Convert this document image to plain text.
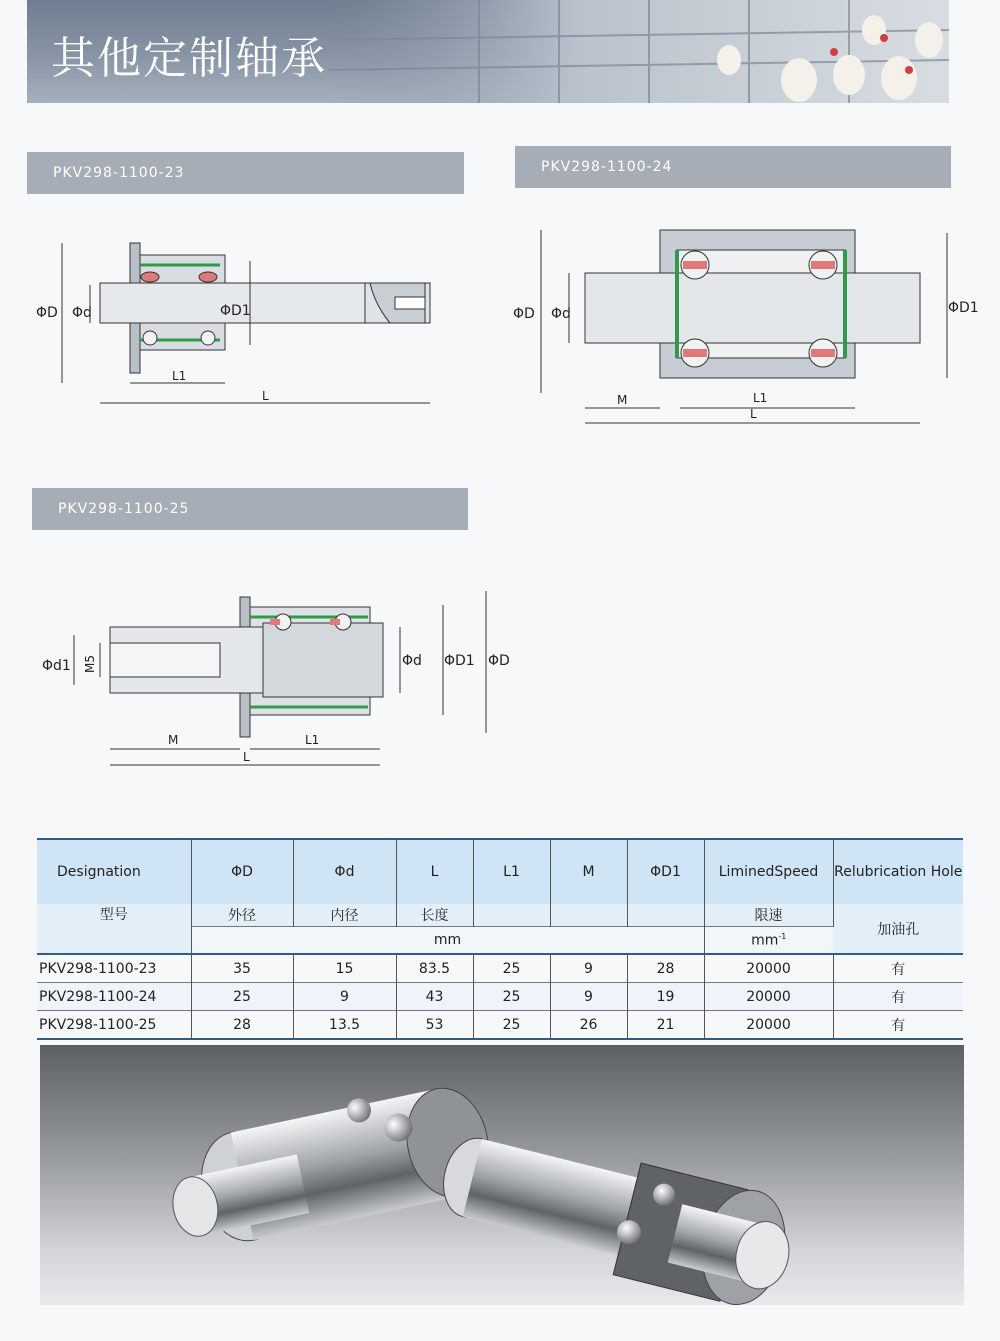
其他定制轴承
PKV298-1100-23	PKV298-1100-24
PKV298-1100-25
ΦD Φd	ΦD1
L1
L
ΦD Φd	ΦD1
M	L1
L
Φd1 M5	Φd ΦD1 ΦD
M	L1
L
Designation	ΦD	Φd	L	L1	M	ΦD1	LiminedSpeed	Relubrication Hole
型号	外径	内径	长度				限速	加油孔
	mm						$mm^{-1}$
PKV298-1100-23	35	15	83.5	25	9	28	20000	有
PKV298-1100-24	25	9	43	25	9	19	20000	有
PKV298-1100-25	28	13.5	53	25	26	21	20000	有
